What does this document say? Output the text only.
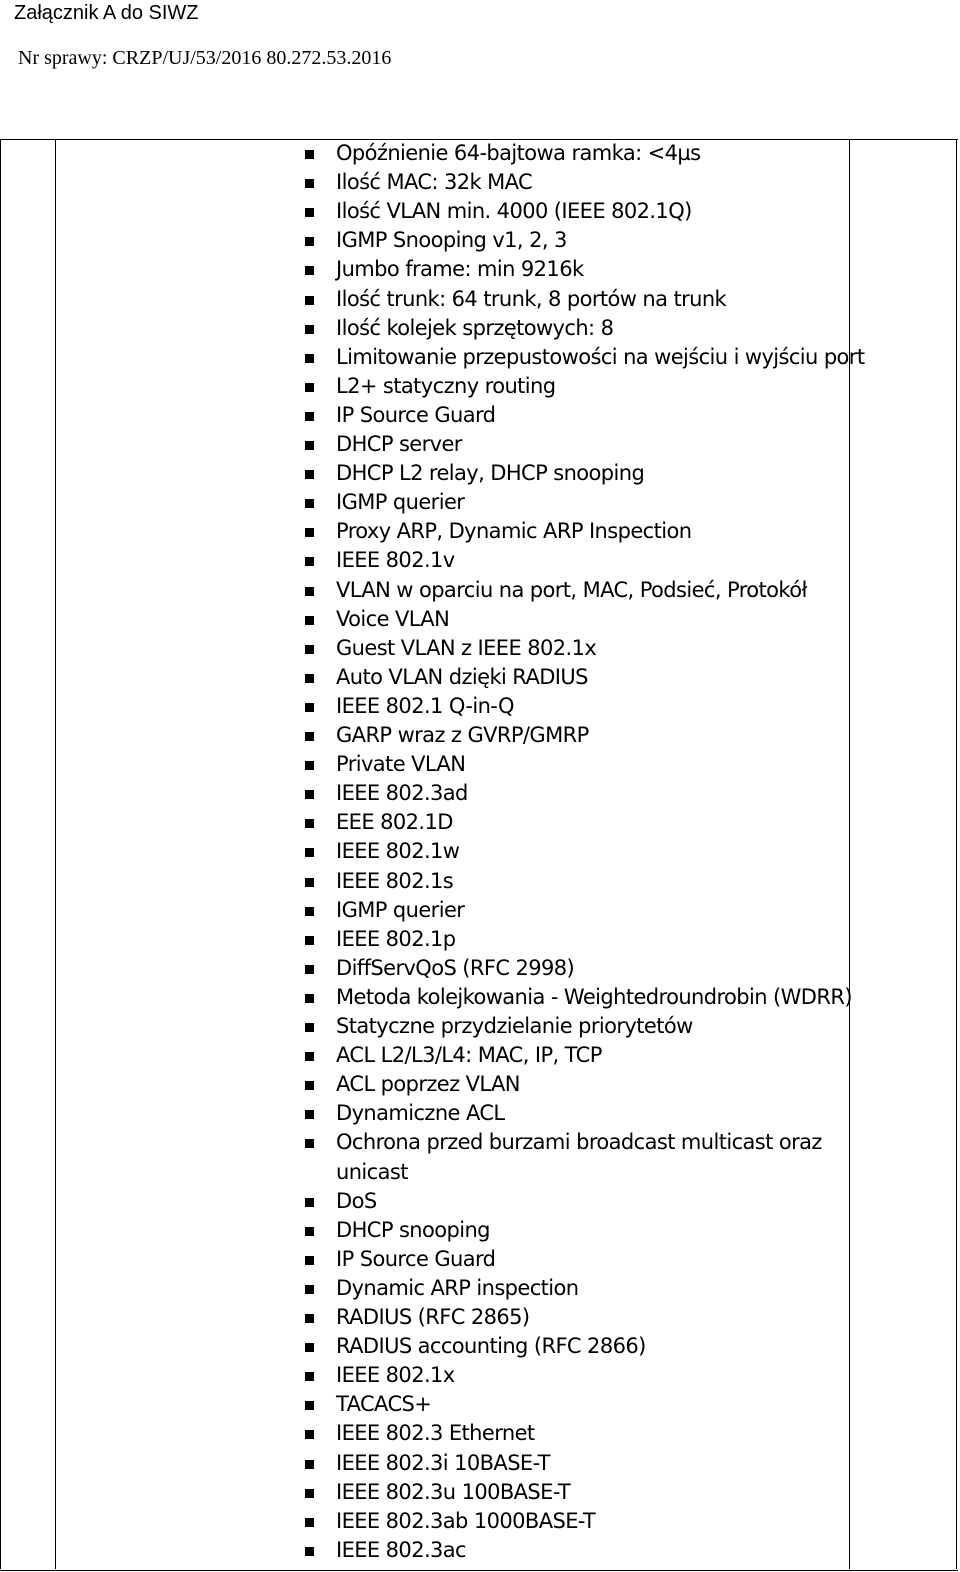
Załącznik A do SIWZ
Nr sprawy: CRZP/UJ/53/2016 80.272.53.2016
Opóźnienie 64-bajtowa ramka: <4µs
Ilość MAC: 32k MAC
Ilość VLAN min. 4000 (IEEE 802.1Q)
IGMP Snooping v1, 2, 3
Jumbo frame: min 9216k
Ilość trunk: 64 trunk, 8 portów na trunk
Ilość kolejek sprzętowych: 8
Limitowanie przepustowości na wejściu i wyjściu port
L2+ statyczny routing
IP Source Guard
DHCP server
DHCP L2 relay, DHCP snooping
IGMP querier
Proxy ARP, Dynamic ARP Inspection
IEEE 802.1v
VLAN w oparciu na port, MAC, Podsieć, Protokół
Voice VLAN
Guest VLAN z IEEE 802.1x
Auto VLAN dzięki RADIUS
IEEE 802.1 Q-in-Q
GARP wraz z GVRP/GMRP
Private VLAN
IEEE 802.3ad
EEE 802.1D
IEEE 802.1w
IEEE 802.1s
IGMP querier
IEEE 802.1p
DiffServQoS (RFC 2998)
Metoda kolejkowania - Weightedroundrobin (WDRR)
Statyczne przydzielanie priorytetów
ACL L2/L3/L4: MAC, IP, TCP
ACL poprzez VLAN
Dynamiczne ACL
Ochrona przed burzami broadcast multicast oraz
unicast
DoS
DHCP snooping
IP Source Guard
Dynamic ARP inspection
RADIUS (RFC 2865)
RADIUS accounting (RFC 2866)
IEEE 802.1x
TACACS+
IEEE 802.3 Ethernet
IEEE 802.3i 10BASE-T
IEEE 802.3u 100BASE-T
IEEE 802.3ab 1000BASE-T
IEEE 802.3ac
